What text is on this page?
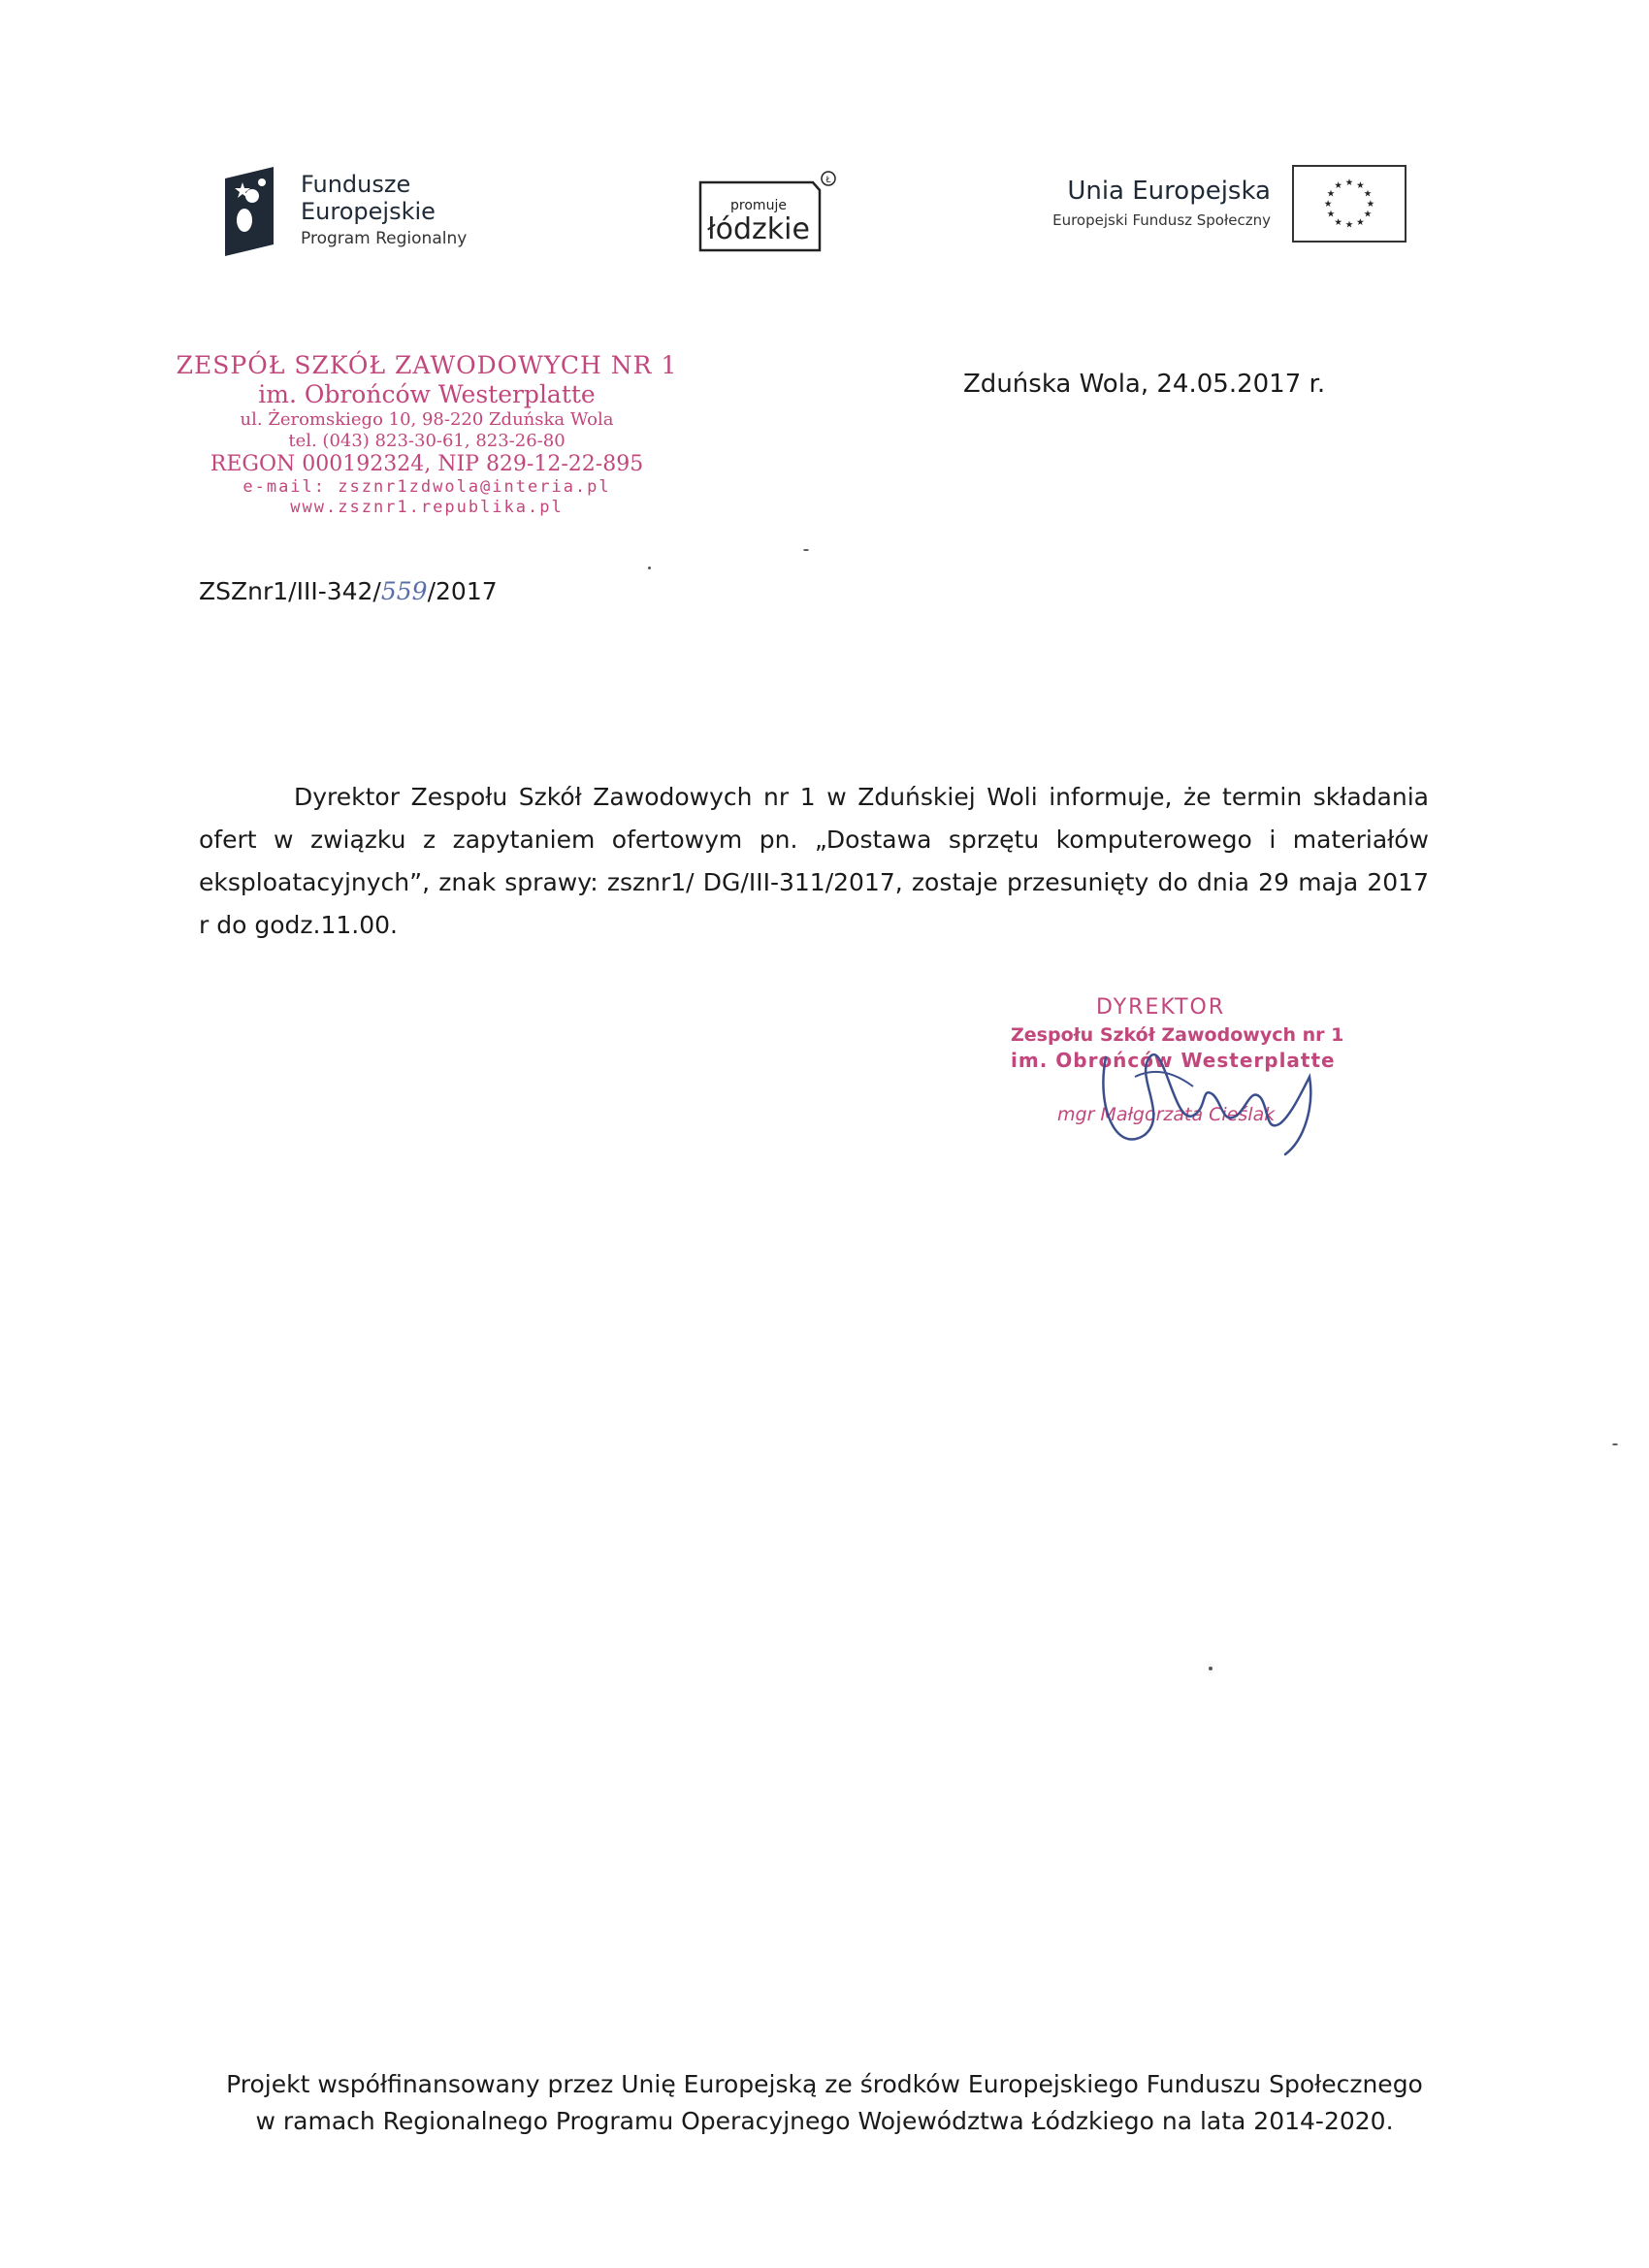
Fundusze
Europejskie
Program Regionalny
Ł
promuje
łódzkie
Unia Europejska
Europejski Fundusz Społeczny
★ ★
★
★
★
★
★
★
★
★
★
★
ZESPÓŁ SZKÓŁ ZAWODOWYCH NR 1
im. Obrońców Westerplatte
ul. Żeromskiego 10, 98-220 Zduńska Wola
tel. (043) 823-30-61, 823-26-80
REGON 000192324, NIP 829-12-22-895
e-mail: zsznr1zdwola@interia.pl
www.zsznr1.republika.pl
Zduńska Wola, 24.05.2017 r.
ZSZnr1/III-342/559/2017
Dyrektor Zespołu Szkół Zawodowych nr 1 w Zduńskiej Woli informuje, że termin składania ofert w związku z zapytaniem ofertowym pn. „Dostawa sprzętu komputerowego i materiałów eksploatacyjnych”, znak sprawy: zsznr1/ DG/III-311/2017, zostaje przesunięty do dnia 29 maja 2017 r do godz.11.00.
DYREKTOR
Zespołu Szkół Zawodowych nr 1
im. Obrońców Westerplatte
mgr Małgorzata Cieślak
Projekt współfinansowany przez Unię Europejską ze środków Europejskiego Funduszu Społecznego
w ramach Regionalnego Programu Operacyjnego Województwa Łódzkiego na lata 2014-2020.
